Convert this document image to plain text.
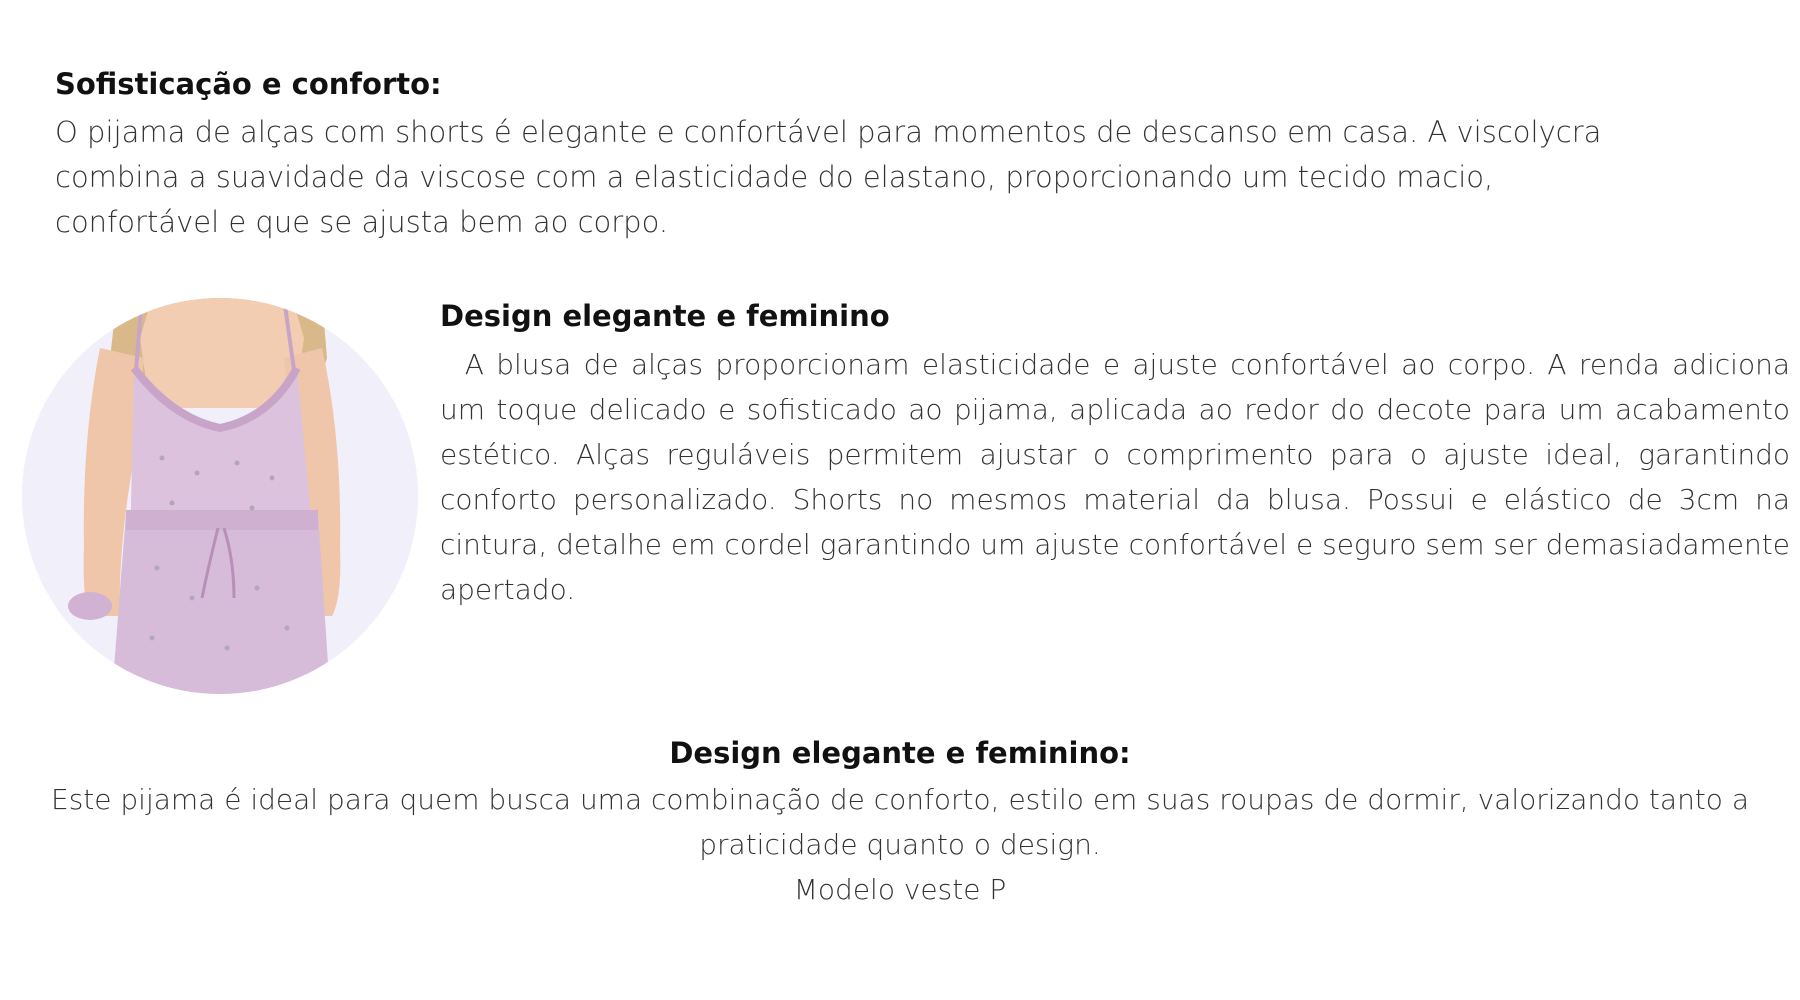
Sofisticação e conforto:

O pijama de alças com shorts é elegante e confortável para momentos de descanso em casa. A viscolycra

combina a suavidade da viscose com a elasticidade do elastano, proporcionando um tecido macio,

confortável e que se ajusta bem ao corpo.

Design elegante e feminino

A blusa de alças proporcionam elasticidade e ajuste confortável ao corpo. A renda adiciona um toque delicado e sofisticado ao pijama, aplicada ao redor do decote para um acabamento estético. Alças reguláveis permitem ajustar o comprimento para o ajuste ideal, garantindo conforto personalizado. Shorts no mesmos material da blusa. Possui e elástico de 3cm na cintura, detalhe em cordel garantindo um ajuste confortável e seguro sem ser demasiadamente apertado.

Design elegante e feminino:

Este pijama é ideal para quem busca uma combinação de conforto, estilo em suas roupas de dormir, valorizando tanto a

praticidade quanto o design.

Modelo veste P
